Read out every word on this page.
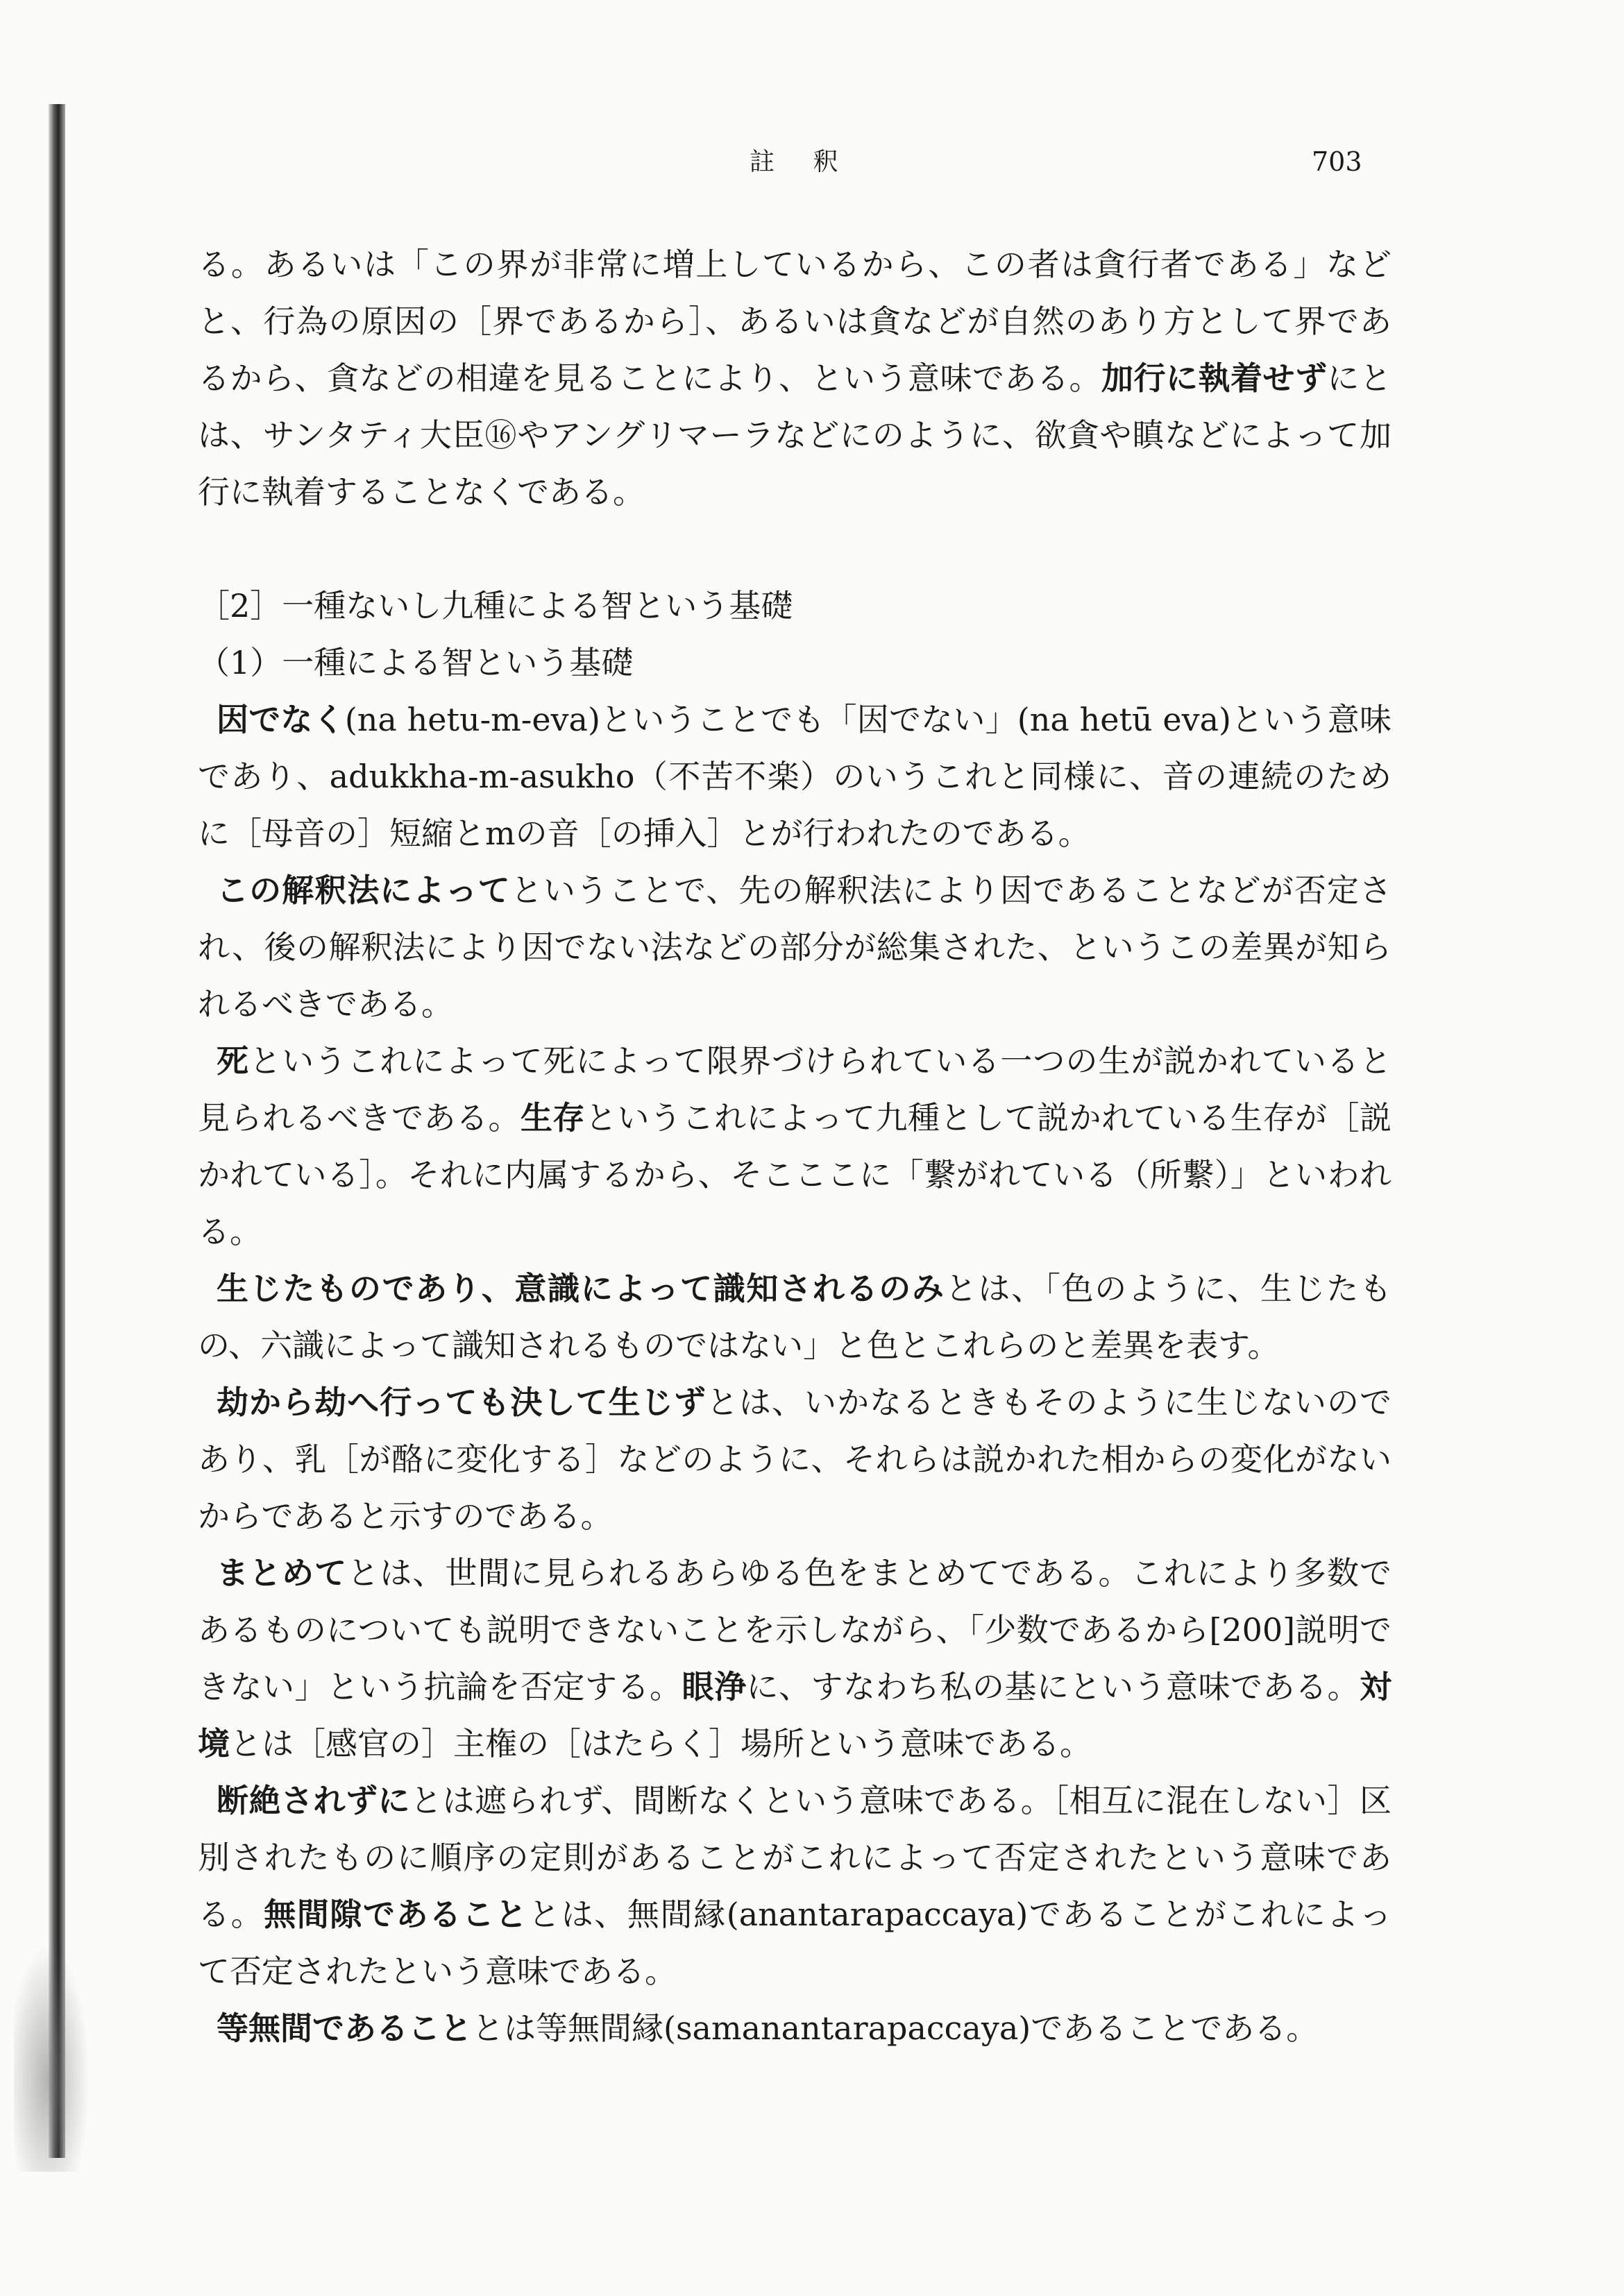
註 釈	703

る。あるいは「この界が非常に増上しているから、この者は貪行者である」などと、行為の原因の［界であるから］、あるいは貪などが自然のあり方として界であるから、貪などの相違を見ることにより、という意味である。加行に執着せずにとは、サンタティ大臣⑯やアングリマーラなどにのように、欲貪や瞋などによって加行に執着することなくである。

［2］一種ないし九種による智という基礎

（1）一種による智という基礎

因でなく(na hetu-m-eva)ということでも「因でない」(na hetū eva)という意味であり、adukkha-m-asukho（不苦不楽）のいうこれと同様に、音の連続のために［母音の］短縮とmの音［の挿入］とが行われたのである。

この解釈法によってということで、先の解釈法により因であることなどが否定され、後の解釈法により因でない法などの部分が総集された、というこの差異が知られるべきである。

死というこれによって死によって限界づけられている一つの生が説かれていると見られるべきである。生存というこれによって九種として説かれている生存が［説かれている］。それに内属するから、そこここに「繋がれている（所繋）」といわれる。

生じたものであり、意識によって識知されるのみとは、「色のように、生じたもの、六識によって識知されるものではない」と色とこれらのと差異を表す。

劫から劫へ行っても決して生じずとは、いかなるときもそのように生じないのであり、乳［が酪に変化する］などのように、それらは説かれた相からの変化がないからであると示すのである。

まとめてとは、世間に見られるあらゆる色をまとめてである。これにより多数であるものについても説明できないことを示しながら、「少数であるから[200]説明できない」という抗論を否定する。眼浄に、すなわち私の基にという意味である。対境とは［感官の］主権の［はたらく］場所という意味である。

断絶されずにとは遮られず、間断なくという意味である。［相互に混在しない］区別されたものに順序の定則があることがこれによって否定されたという意味である。無間隙であることとは、無間縁(anantarapaccaya)であることがこれによって否定されたという意味である。

等無間であることとは等無間縁(samanantarapaccaya)であることである。
